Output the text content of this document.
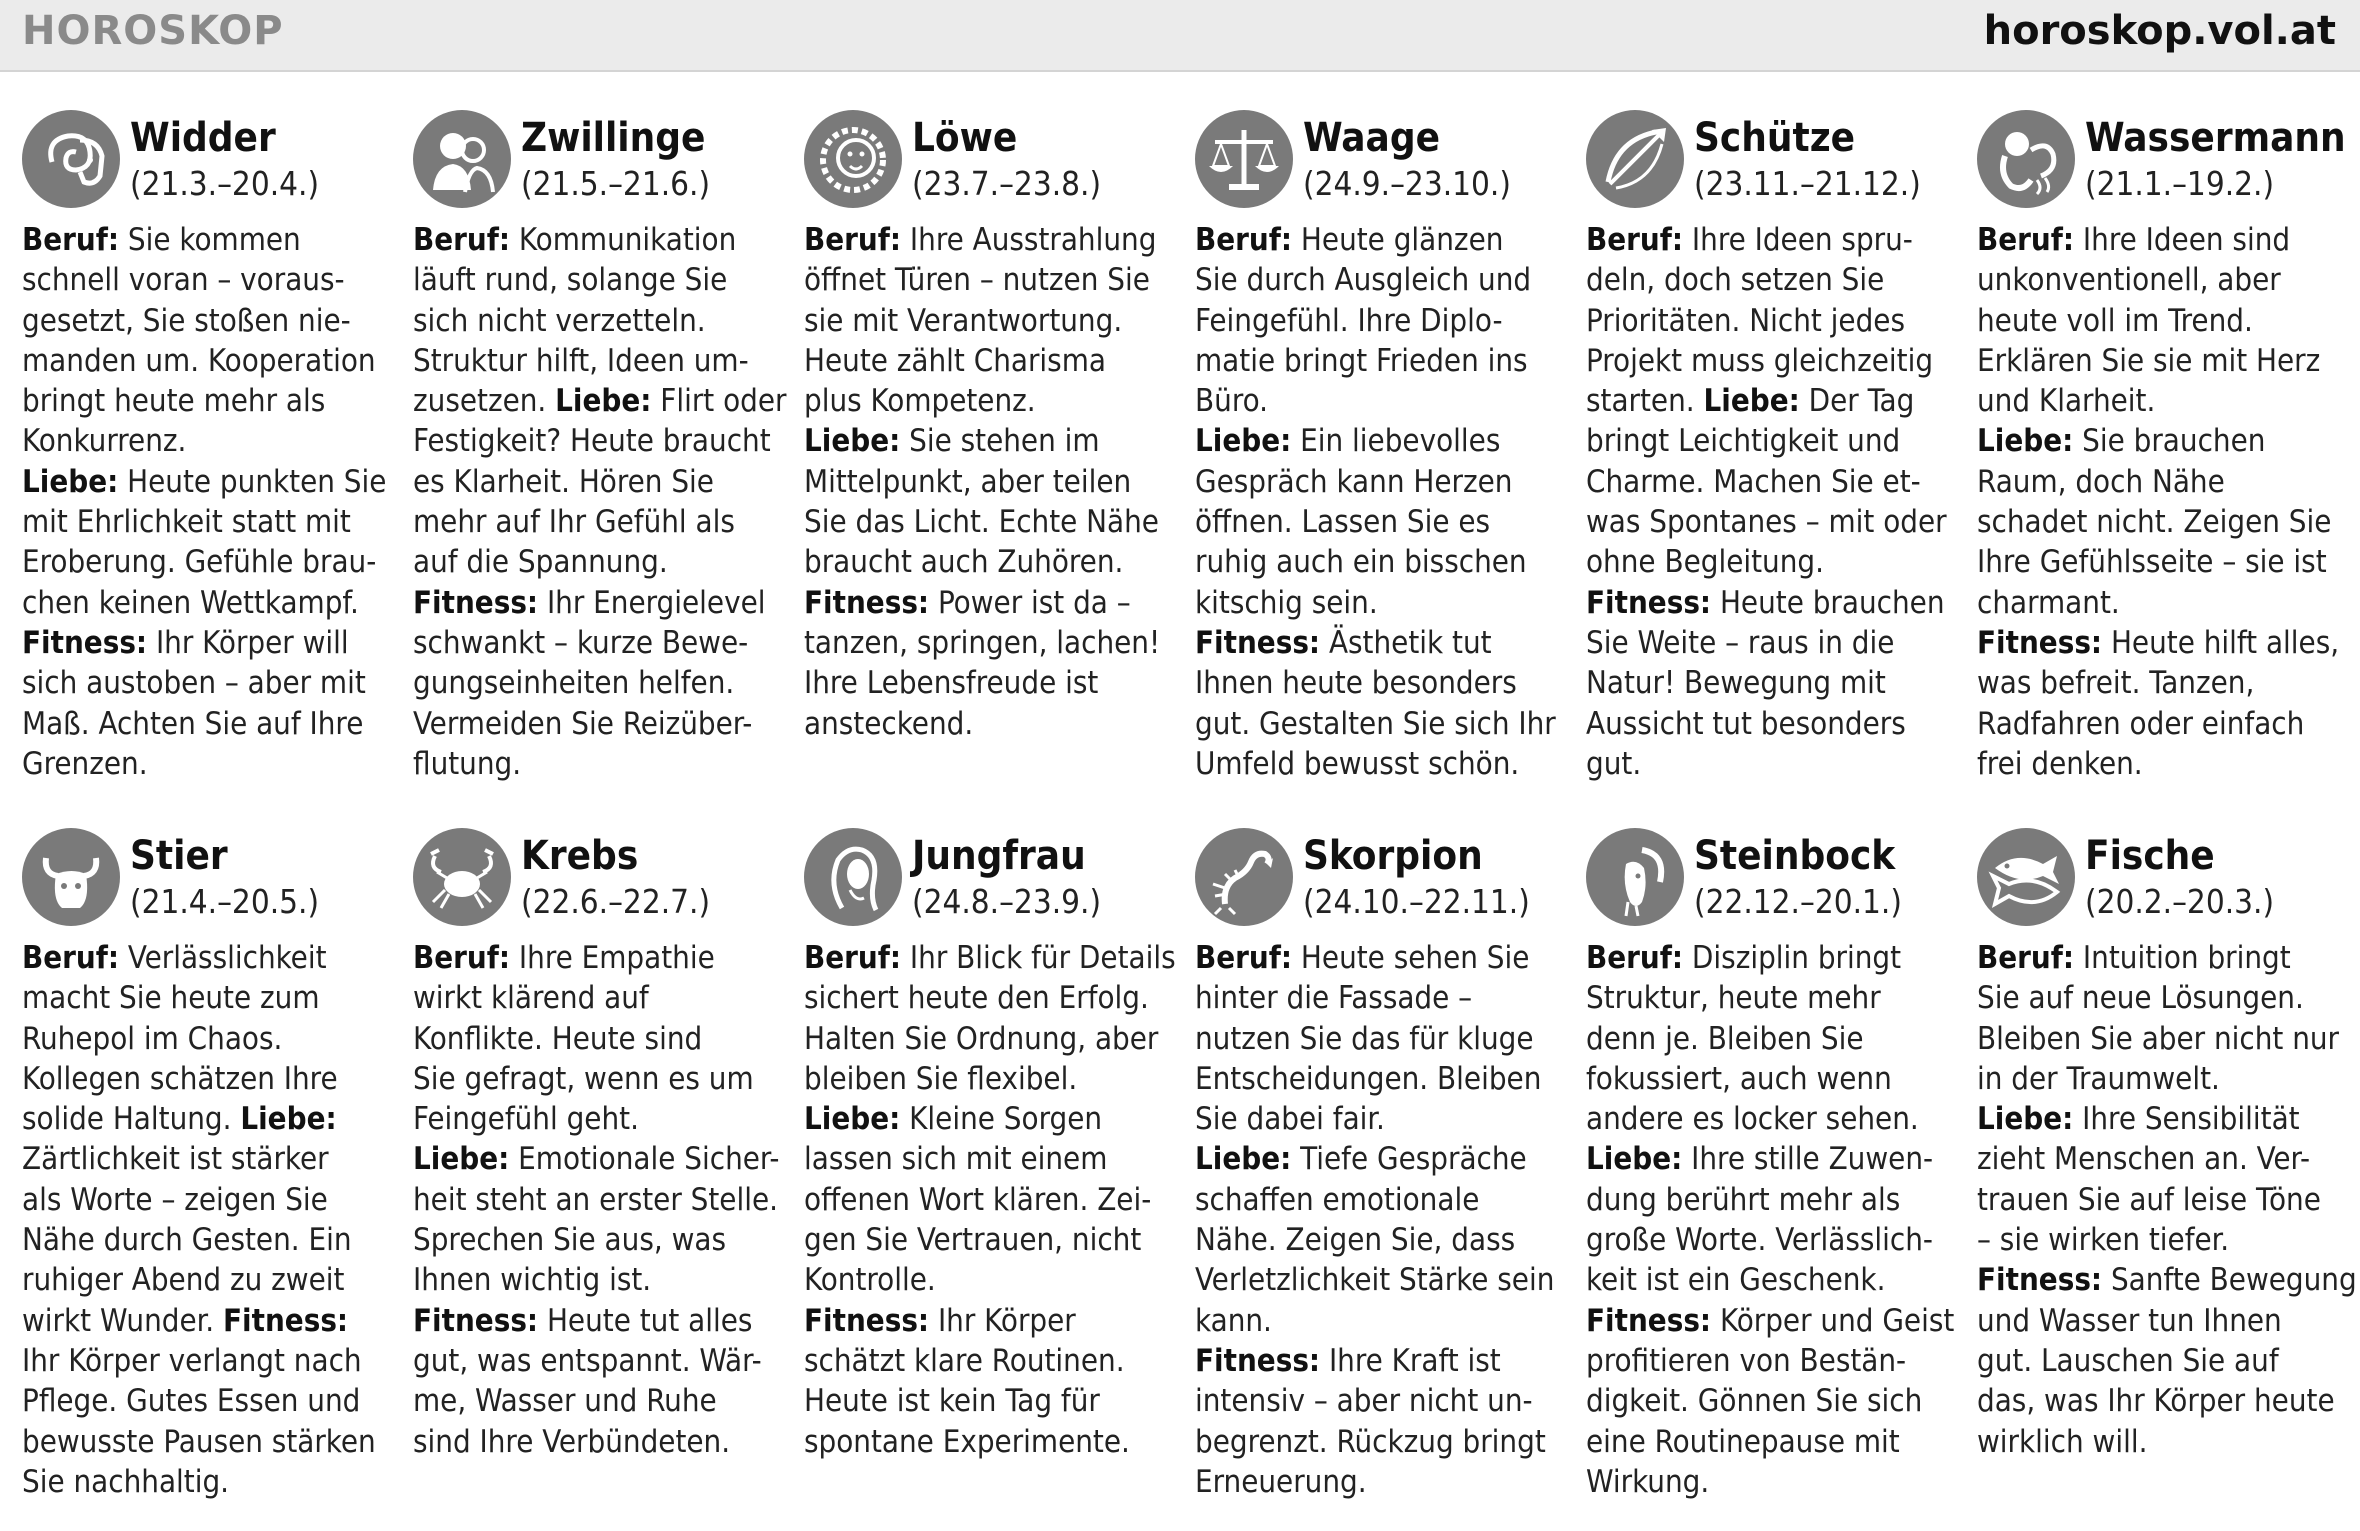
HOROSKOP	horoskop.vol.at
Widder
(21.3.–20.4.)
Beruf: Sie kommen
schnell voran – voraus-
gesetzt, Sie stoßen nie-
manden um. Kooperation
bringt heute mehr als
Konkurrenz.
Liebe: Heute punkten Sie
mit Ehrlichkeit statt mit
Eroberung. Gefühle brau-
chen keinen Wettkampf.
Fitness: Ihr Körper will
sich austoben – aber mit
Maß. Achten Sie auf Ihre
Grenzen.

Zwillinge
(21.5.–21.6.)
Beruf: Kommunikation
läuft rund, solange Sie
sich nicht verzetteln.
Struktur hilft, Ideen um-
zusetzen. Liebe: Flirt oder
Festigkeit? Heute braucht
es Klarheit. Hören Sie
mehr auf Ihr Gefühl als
auf die Spannung.
Fitness: Ihr Energielevel
schwankt – kurze Bewe-
gungseinheiten helfen.
Vermeiden Sie Reizüber-
flutung.

Löwe
(23.7.–23.8.)
Beruf: Ihre Ausstrahlung
öffnet Türen – nutzen Sie
sie mit Verantwortung.
Heute zählt Charisma
plus Kompetenz.
Liebe: Sie stehen im
Mittelpunkt, aber teilen
Sie das Licht. Echte Nähe
braucht auch Zuhören.
Fitness: Power ist da –
tanzen, springen, lachen!
Ihre Lebensfreude ist
ansteckend.

Waage
(24.9.–23.10.)
Beruf: Heute glänzen
Sie durch Ausgleich und
Feingefühl. Ihre Diplo-
matie bringt Frieden ins
Büro.
Liebe: Ein liebevolles
Gespräch kann Herzen
öffnen. Lassen Sie es
ruhig auch ein bisschen
kitschig sein.
Fitness: Ästhetik tut
Ihnen heute besonders
gut. Gestalten Sie sich Ihr
Umfeld bewusst schön.

Schütze
(23.11.–21.12.)
Beruf: Ihre Ideen spru-
deln, doch setzen Sie
Prioritäten. Nicht jedes
Projekt muss gleichzeitig
starten. Liebe: Der Tag
bringt Leichtigkeit und
Charme. Machen Sie et-
was Spontanes – mit oder
ohne Begleitung.
Fitness: Heute brauchen
Sie Weite – raus in die
Natur! Bewegung mit
Aussicht tut besonders
gut.

Wassermann
(21.1.–19.2.)
Beruf: Ihre Ideen sind
unkonventionell, aber
heute voll im Trend.
Erklären Sie sie mit Herz
und Klarheit.
Liebe: Sie brauchen
Raum, doch Nähe
schadet nicht. Zeigen Sie
Ihre Gefühlsseite – sie ist
charmant.
Fitness: Heute hilft alles,
was befreit. Tanzen,
Radfahren oder einfach
frei denken.

Stier
(21.4.–20.5.)
Beruf: Verlässlichkeit
macht Sie heute zum
Ruhepol im Chaos.
Kollegen schätzen Ihre
solide Haltung. Liebe:
Zärtlichkeit ist stärker
als Worte – zeigen Sie
Nähe durch Gesten. Ein
ruhiger Abend zu zweit
wirkt Wunder. Fitness:
Ihr Körper verlangt nach
Pflege. Gutes Essen und
bewusste Pausen stärken
Sie nachhaltig.

Krebs
(22.6.–22.7.)
Beruf: Ihre Empathie
wirkt klärend auf
Konflikte. Heute sind
Sie gefragt, wenn es um
Feingefühl geht.
Liebe: Emotionale Sicher-
heit steht an erster Stelle.
Sprechen Sie aus, was
Ihnen wichtig ist.
Fitness: Heute tut alles
gut, was entspannt. Wär-
me, Wasser und Ruhe
sind Ihre Verbündeten.

Jungfrau
(24.8.–23.9.)
Beruf: Ihr Blick für Details
sichert heute den Erfolg.
Halten Sie Ordnung, aber
bleiben Sie flexibel.
Liebe: Kleine Sorgen
lassen sich mit einem
offenen Wort klären. Zei-
gen Sie Vertrauen, nicht
Kontrolle.
Fitness: Ihr Körper
schätzt klare Routinen.
Heute ist kein Tag für
spontane Experimente.

Skorpion
(24.10.–22.11.)
Beruf: Heute sehen Sie
hinter die Fassade –
nutzen Sie das für kluge
Entscheidungen. Bleiben
Sie dabei fair.
Liebe: Tiefe Gespräche
schaffen emotionale
Nähe. Zeigen Sie, dass
Verletzlichkeit Stärke sein
kann.
Fitness: Ihre Kraft ist
intensiv – aber nicht un-
begrenzt. Rückzug bringt
Erneuerung.

Steinbock
(22.12.–20.1.)
Beruf: Disziplin bringt
Struktur, heute mehr
denn je. Bleiben Sie
fokussiert, auch wenn
andere es locker sehen.
Liebe: Ihre stille Zuwen-
dung berührt mehr als
große Worte. Verlässlich-
keit ist ein Geschenk.
Fitness: Körper und Geist
profitieren von Bestän-
digkeit. Gönnen Sie sich
eine Routinepause mit
Wirkung.

Fische
(20.2.–20.3.)
Beruf: Intuition bringt
Sie auf neue Lösungen.
Bleiben Sie aber nicht nur
in der Traumwelt.
Liebe: Ihre Sensibilität
zieht Menschen an. Ver-
trauen Sie auf leise Töne
– sie wirken tiefer.
Fitness: Sanfte Bewegung
und Wasser tun Ihnen
gut. Lauschen Sie auf
das, was Ihr Körper heute
wirklich will.
